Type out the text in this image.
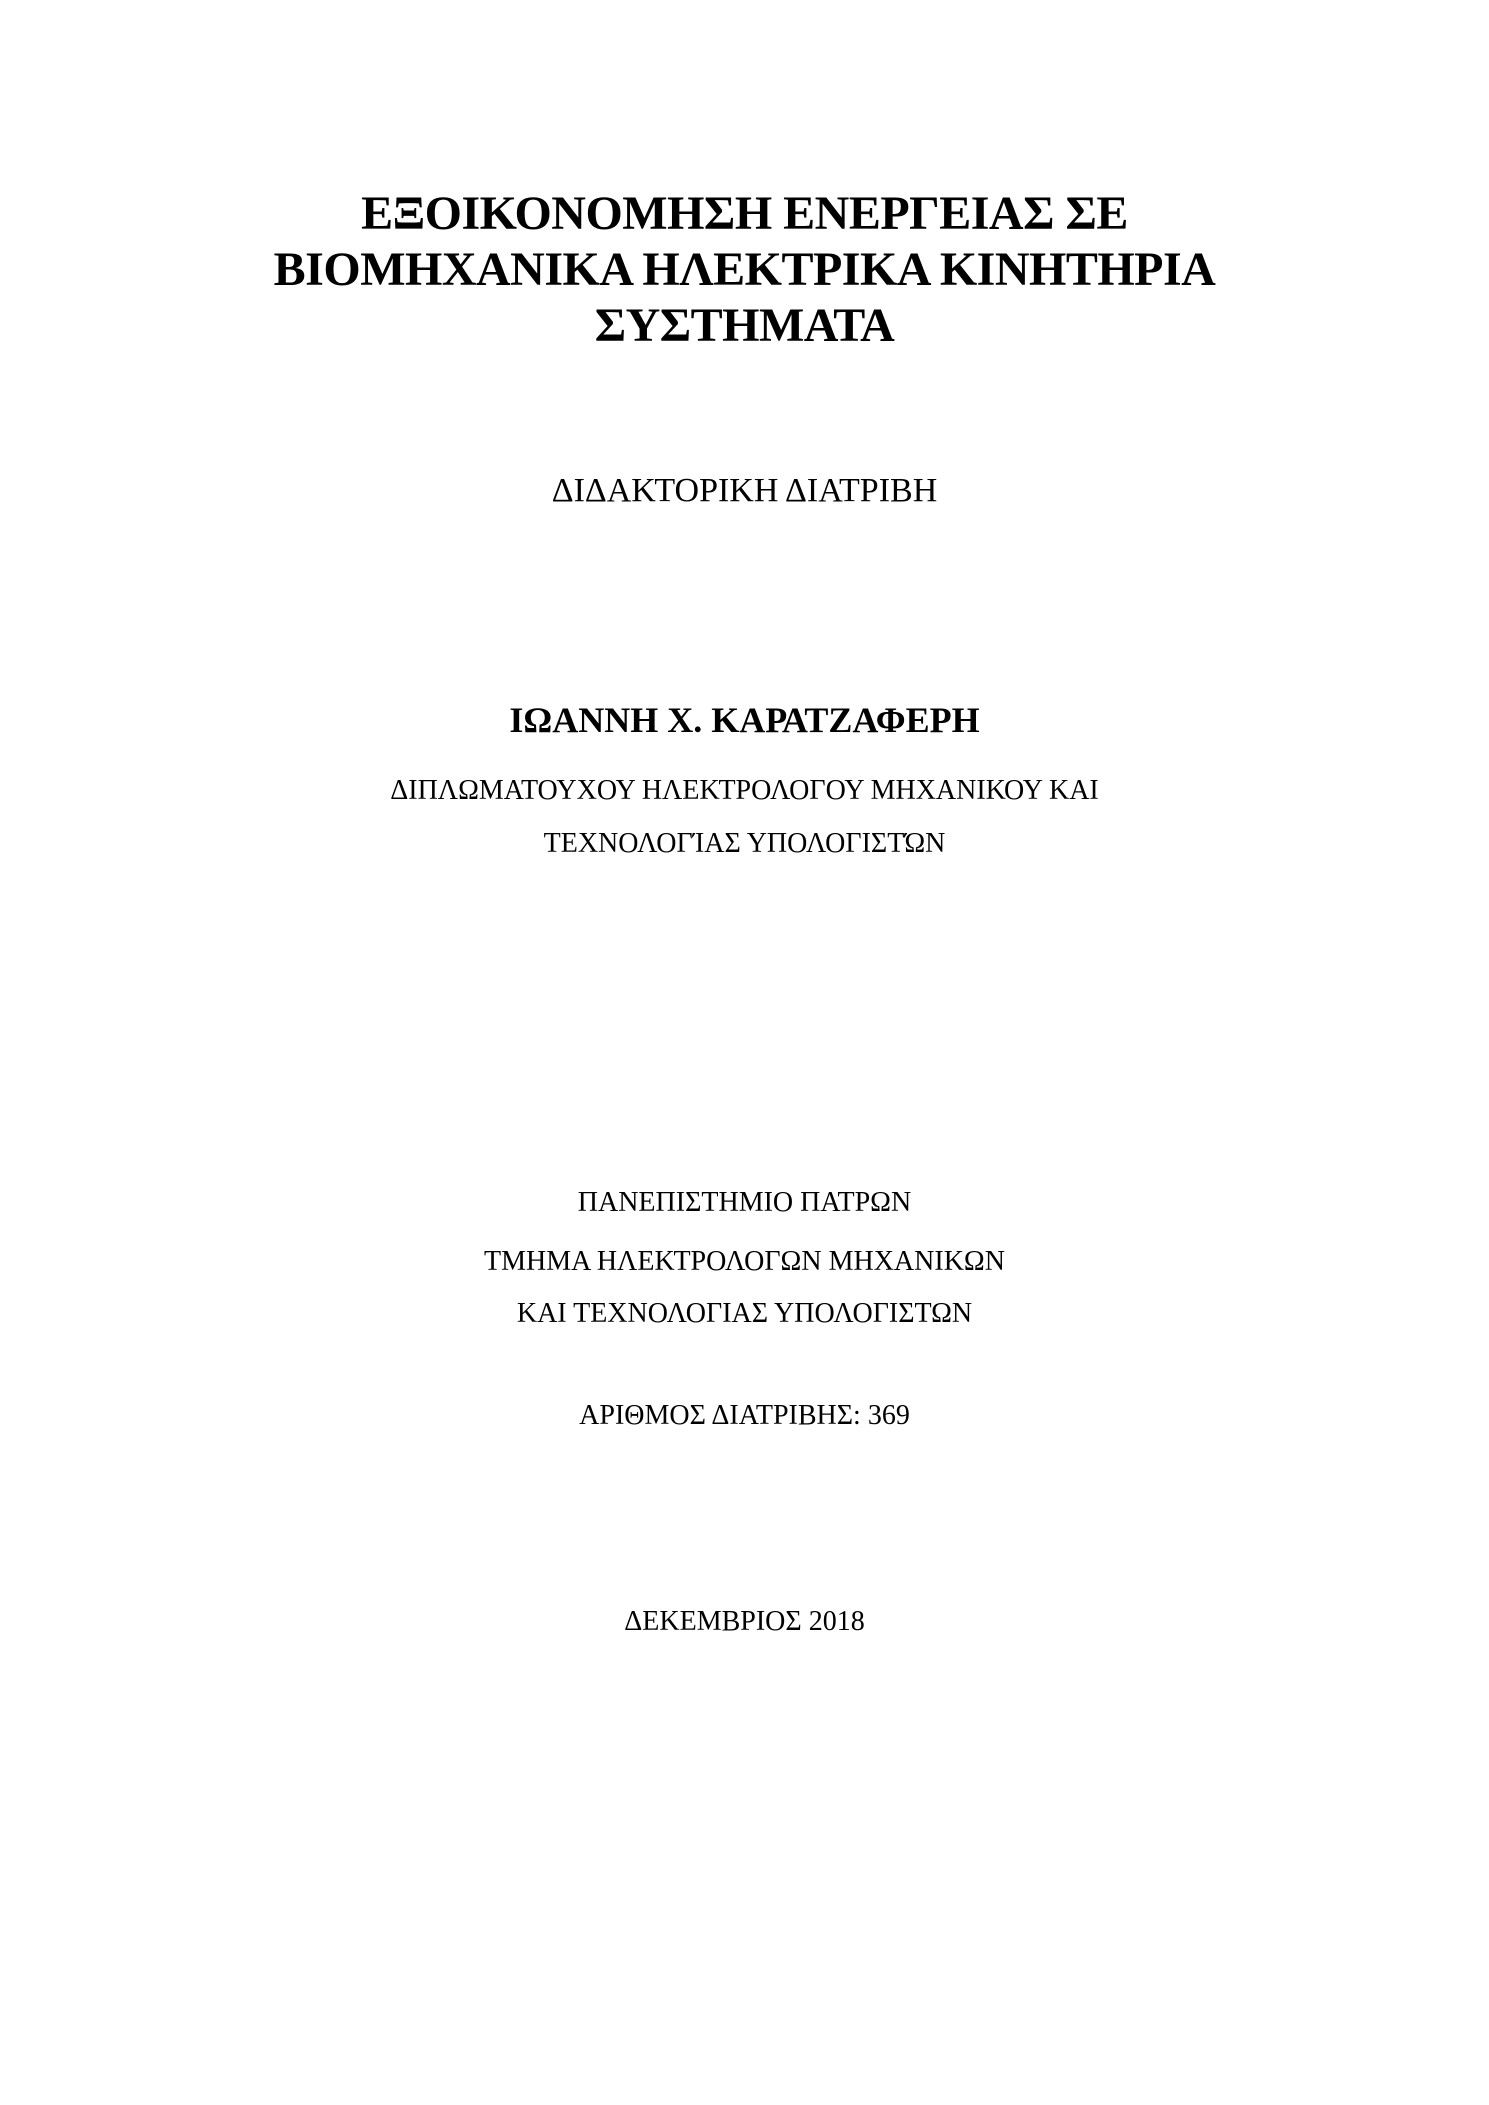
ΕΞΟΙΚΟΝΟΜΗΣΗ ΕΝΕΡΓΕΙΑΣ ΣΕ
ΒΙΟΜΗΧΑΝΙΚΑ ΗΛΕΚΤΡΙΚΑ ΚΙΝΗΤΗΡΙΑ
ΣΥΣΤΗΜΑΤΑ
ΔΙΔΑΚΤΟΡΙΚΗ ΔΙΑΤΡΙΒΗ
ΙΩΑΝΝΗ Χ. ΚΑΡΑΤΖΑΦΕΡΗ
ΔΙΠΛΩΜΑΤΟΥΧΟΥ ΗΛΕΚΤΡΟΛΟΓΟΥ ΜΗΧΑΝΙΚΟΥ ΚΑΙ
ΤΕΧΝΟΛΟΓΊΑΣ ΥΠΟΛΟΓΙΣΤΏΝ
ΠΑΝΕΠΙΣΤΗΜΙΟ ΠΑΤΡΩΝ
ΤΜΗΜΑ ΗΛΕΚΤΡΟΛΟΓΩΝ ΜΗΧΑΝΙΚΩΝ
ΚΑΙ ΤΕΧΝΟΛΟΓΙΑΣ ΥΠΟΛΟΓΙΣΤΩΝ
ΑΡΙΘΜΟΣ ΔΙΑΤΡΙΒΗΣ: 369
ΔΕΚΕΜΒΡΙΟΣ 2018
